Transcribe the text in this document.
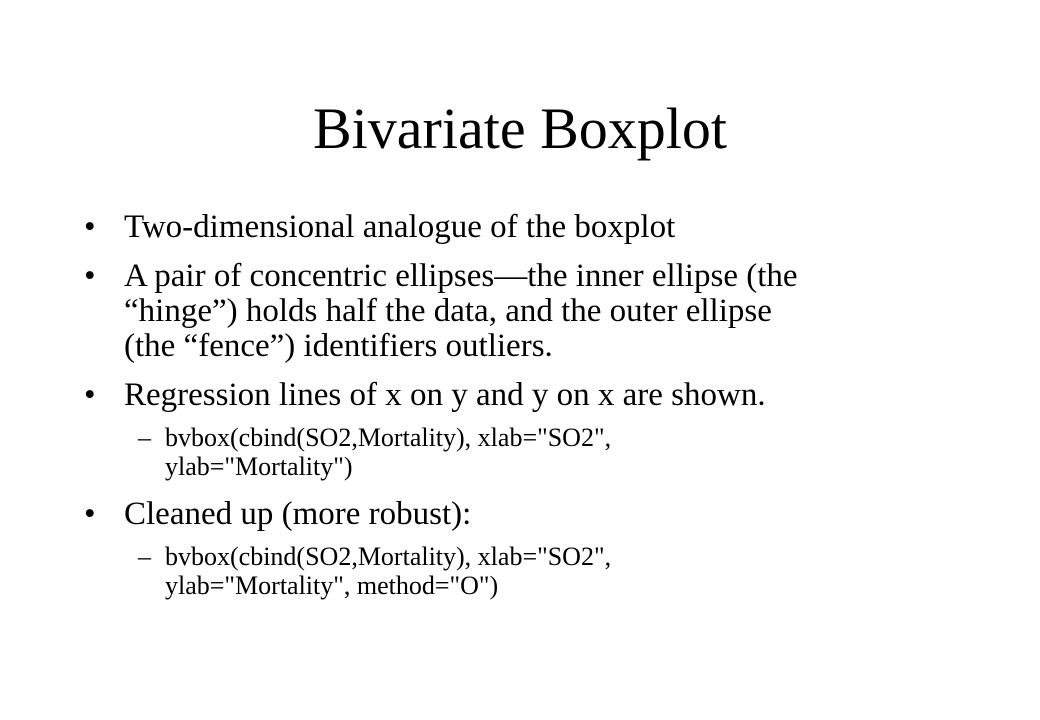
Bivariate Boxplot
• Two-dimensional analogue of the boxplot
• A pair of concentric ellipses—the inner ellipse (the
“hinge”) holds half the data, and the outer ellipse
(the “fence”) identifiers outliers.
• Regression lines of x on y and y on x are shown.
– bvbox(cbind(SO2,Mortality), xlab="SO2",
ylab="Mortality")
• Cleaned up (more robust):
– bvbox(cbind(SO2,Mortality), xlab="SO2",
ylab="Mortality", method="O")
